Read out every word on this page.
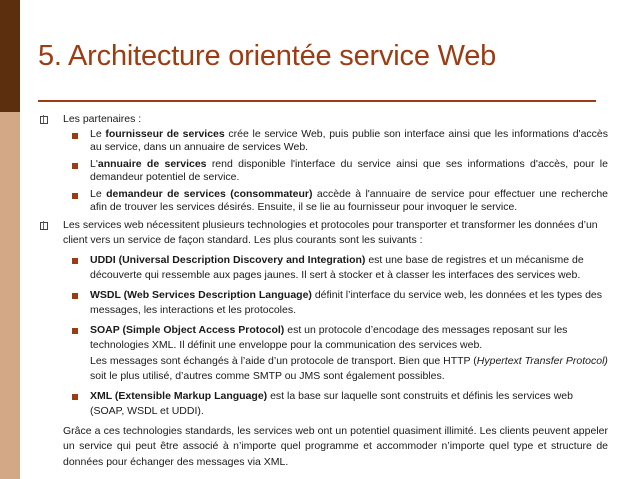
5. Architecture orientée service Web
Les partenaires :
Le fournisseur de services crée le service Web, puis publie son interface ainsi que les informations d'accès au service, dans un annuaire de services Web.
L'annuaire de services rend disponible l'interface du service ainsi que ses informations d'accès, pour le demandeur potentiel de service.
Le demandeur de services (consommateur) accède à l'annuaire de service pour effectuer une recherche afin de trouver les services désirés. Ensuite, il se lie au fournisseur pour invoquer le service.
Les services web nécessitent plusieurs technologies et protocoles pour transporter et transformer les données d’un client vers un service de façon standard. Les plus courants sont les suivants :
UDDI (Universal Description Discovery and Integration) est une base de registres et un mécanisme de découverte qui ressemble aux pages jaunes. Il sert à stocker et à classer les interfaces des services web.
WSDL (Web Services Description Language) définit l’interface du service web, les données et les types des messages, les interactions et les protocoles.
SOAP (Simple Object Access Protocol) est un protocole d’encodage des messages reposant sur les technologies XML. Il définit une enveloppe pour la communication des services web.
Les messages sont échangés à l’aide d’un protocole de transport. Bien que HTTP (Hypertext Transfer Protocol) soit le plus utilisé, d’autres comme SMTP ou JMS sont également possibles.
XML (Extensible Markup Language) est la base sur laquelle sont construits et définis les services web (SOAP, WSDL et UDDI).
Grâce a ces technologies standards, les services web ont un potentiel quasiment illimité. Les clients peuvent appeler un service qui peut être associé à n’importe quel programme et accommoder n’importe quel type et structure de données pour échanger des messages via XML.
